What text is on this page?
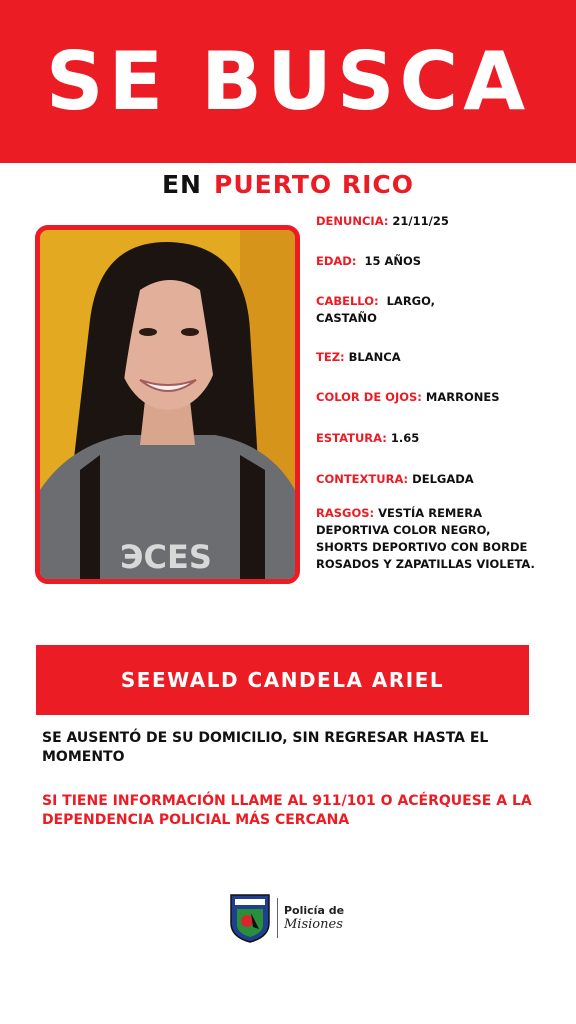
SE BUSCA
EN PUERTO RICO
ЭCES
DENUNCIA: 21/11/25
EDAD:  15 AÑOS
CABELLO:  LARGO,
CASTAÑO
TEZ: BLANCA
COLOR DE OJOS: MARRONES
ESTATURA: 1.65
CONTEXTURA: DELGADA
RASGOS: VESTÍA REMERA DEPORTIVA COLOR NEGRO, SHORTS DEPORTIVO CON BORDE ROSADOS Y ZAPATILLAS VIOLETA.
SEEWALD CANDELA ARIEL
SE AUSENTÓ DE SU DOMICILIO, SIN REGRESAR HASTA EL MOMENTO
SI TIENE INFORMACIÓN LLAME AL 911/101 O ACÉRQUESE A LA DEPENDENCIA POLICIAL MÁS CERCANA
Policía de
Misiones
